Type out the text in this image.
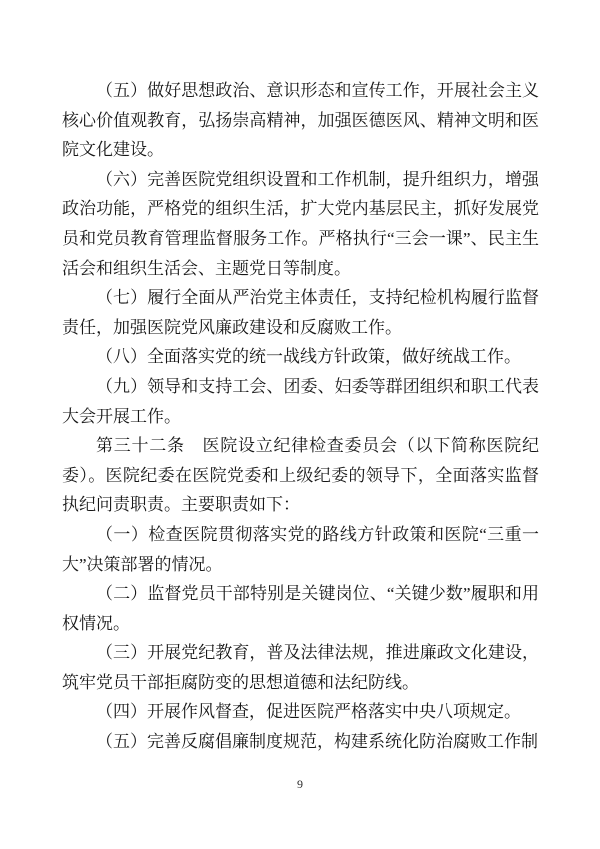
（五）做好思想政治、意识形态和宣传工作，开展社会主义核心价值观教育，弘扬崇高精神，加强医德医风、精神文明和医院文化建设。

（六）完善医院党组织设置和工作机制，提升组织力，增强政治功能，严格党的组织生活，扩大党内基层民主，抓好发展党员和党员教育管理监督服务工作。严格执行“三会一课”、民主生活会和组织生活会、主题党日等制度。

（七）履行全面从严治党主体责任，支持纪检机构履行监督责任，加强医院党风廉政建设和反腐败工作。

（八）全面落实党的统一战线方针政策，做好统战工作。

（九）领导和支持工会、团委、妇委等群团组织和职工代表大会开展工作。

第三十二条　医院设立纪律检查委员会（以下简称医院纪委）。医院纪委在医院党委和上级纪委的领导下，全面落实监督执纪问责职责。主要职责如下：

（一）检查医院贯彻落实党的路线方针政策和医院“三重一大”决策部署的情况。

（二）监督党员干部特别是关键岗位、“关键少数”履职和用权情况。

（三）开展党纪教育，普及法律法规，推进廉政文化建设，筑牢党员干部拒腐防变的思想道德和法纪防线。

（四）开展作风督查，促进医院严格落实中央八项规定。

（五）完善反腐倡廉制度规范，构建系统化防治腐败工作制

9
